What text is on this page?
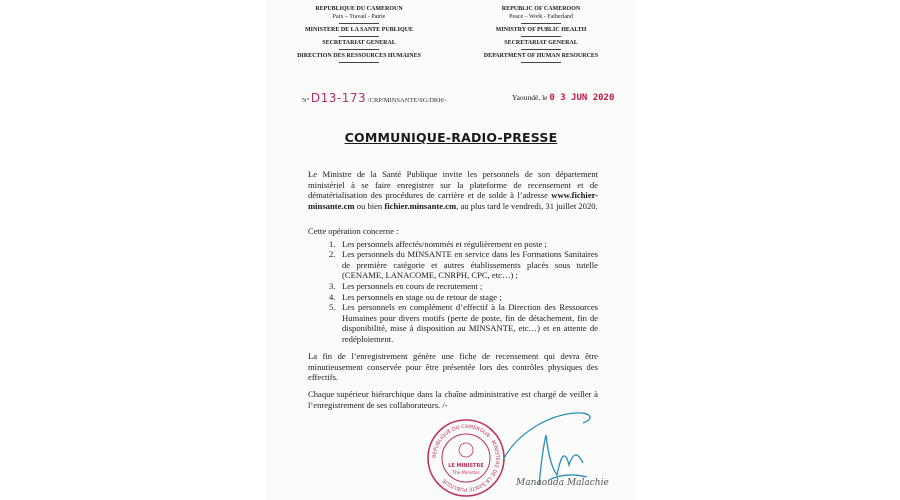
REPUBLIQUE DU CAMEROUN
Paix – Travail - Patrie
MINISTERE DE LA SANTE PUBLIQUE
SECRETARIAT GENERAL
DIRECTION DES RESSOURCES HUMAINES
REPUBLIC OF CAMEROON
Peace – Work - Fatherland
MINISTRY OF PUBLIC HEALTH
SECRETARIAT GENERAL
DEPARTMENT OF HUMAN RESOURCES
N° D13-173 /CRP/MINSANTE/SG/DRH/-	Yaoundé, le 0 3 JUN 2020
COMMUNIQUE-RADIO-PRESSE
Le Ministre de la Santé Publique invite les personnels de son département ministériel à se faire enregistrer sur la plateforme de recensement et de dématérialisation des procédures de carrière et de solde à l’adresse www.fichier-minsante.cm ou bien fichier.minsante.cm, au plus tard le vendredi, 31 juillet 2020.
Cette opération concerne :
1. Les personnels affectés/nommés et régulièrement en poste ;
2. Les personnels du MINSANTE en service dans les Formations Sanitaires de première catégorie et autres établissements placés sous tutelle (CENAME, LANACOME, CNRPH, CPC, etc…) ;
3. Les personnels en cours de recrutement ;
4. Les personnels en stage ou de retour de stage ;
5. Les personnels en complément d’effectif à la Direction des Ressources Humaines pour divers motifs (perte de poste, fin de détachement, fin de disponibilité, mise à disposition au MINSANTE, etc…) et en attente de redéploiement.
La fin de l’enregistrement génère une fiche de recensement qui devra être minutieusement conservée pour être présentée lors des contrôles physiques des effectifs.
Chaque supérieur hiérarchique dans la chaîne administrative est chargé de veiller à l’enregistrement de ses collaborateurs. /-
REPUBLIQUE DU CAMEROUN · MINISTERE DE LA SANTE PUBLIQUE
LE MINISTRE
The Minister
Manaouda Malachie
